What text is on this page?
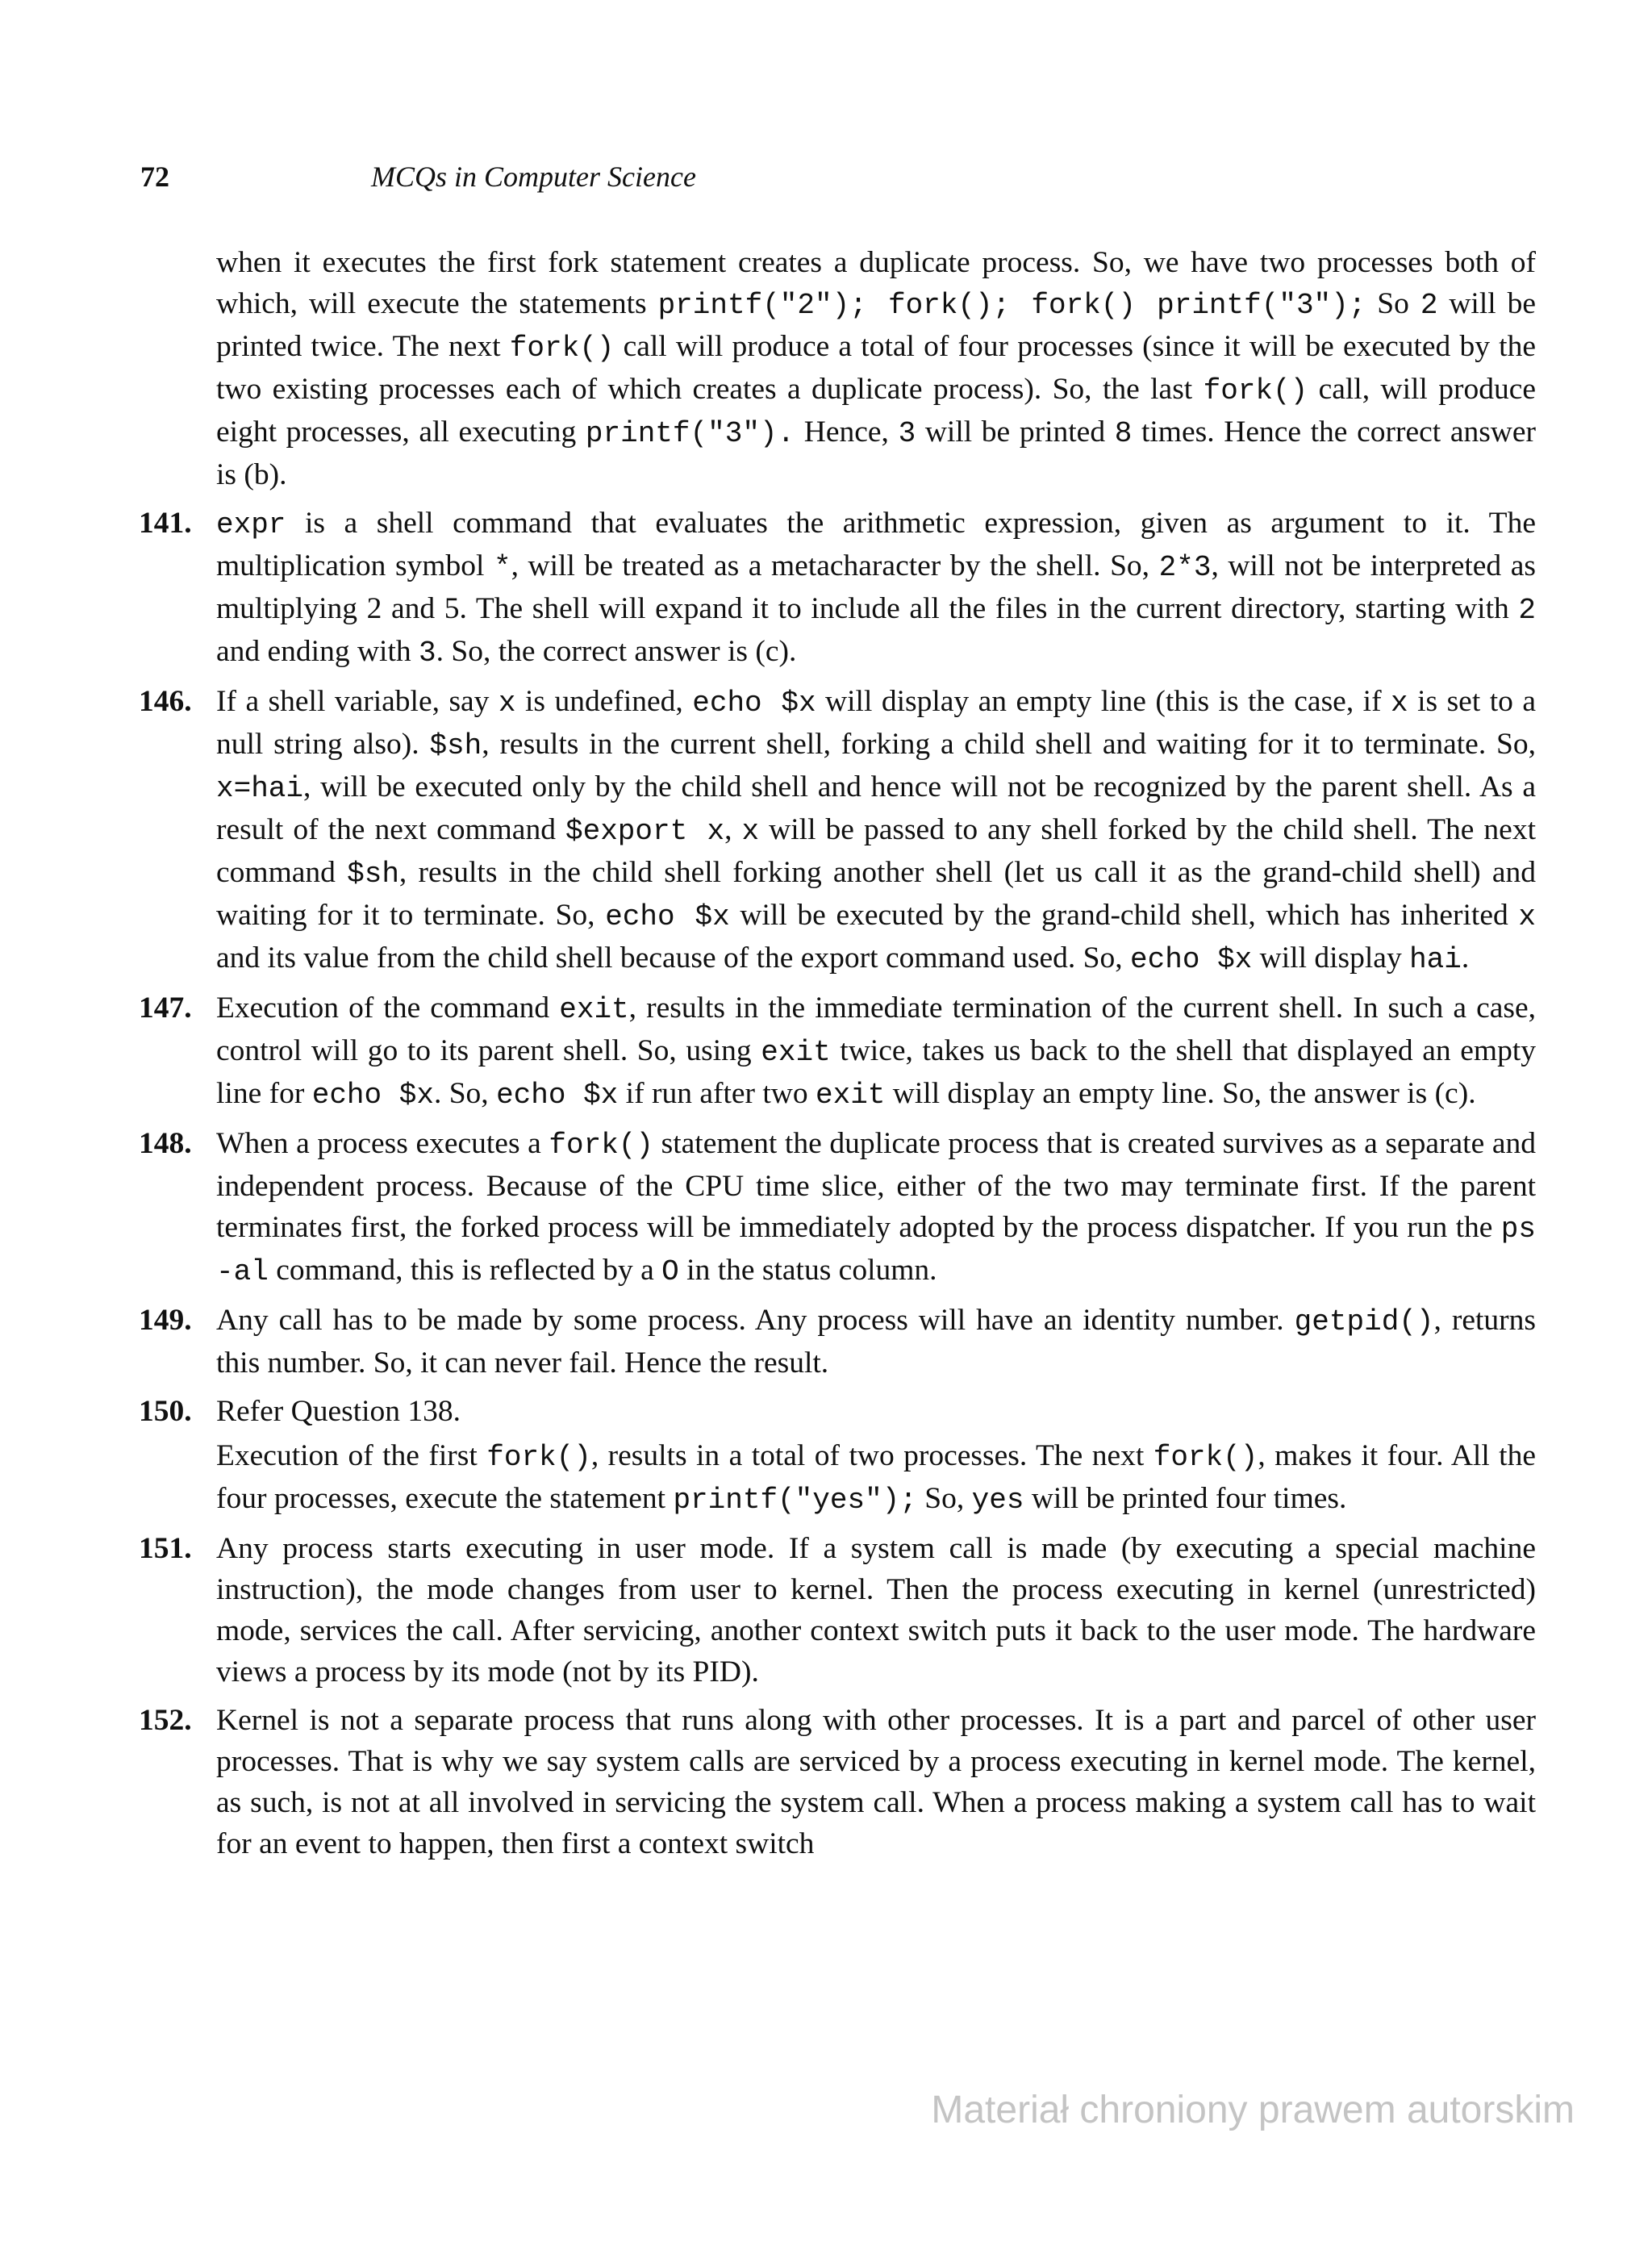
72	MCQs in Computer Science

when it executes the first fork statement creates a duplicate process. So, we have two processes both of which, will execute the statements printf("2"); fork(); fork() printf("3"); So 2 will be printed twice. The next fork() call will produce a total of four processes (since it will be executed by the two existing processes each of which creates a duplicate process). So, the last fork() call, will produce eight processes, all executing printf("3"). Hence, 3 will be printed 8 times. Hence the correct answer is (b).

141. expr is a shell command that evaluates the arithmetic expression, given as argument to it. The multiplication symbol *, will be treated as a metacharacter by the shell. So, 2*3, will not be interpreted as multiplying 2 and 5. The shell will expand it to include all the files in the current directory, starting with 2 and ending with 3. So, the correct answer is (c).

146. If a shell variable, say x is undefined, echo $x will display an empty line (this is the case, if x is set to a null string also). $sh, results in the current shell, forking a child shell and waiting for it to terminate. So, x=hai, will be executed only by the child shell and hence will not be recognized by the parent shell. As a result of the next command $export x, x will be passed to any shell forked by the child shell. The next command $sh, results in the child shell forking another shell (let us call it as the grand-child shell) and waiting for it to terminate. So, echo $x will be executed by the grand-child shell, which has inherited x and its value from the child shell because of the export command used. So, echo $x will display hai.

147. Execution of the command exit, results in the immediate termination of the current shell. In such a case, control will go to its parent shell. So, using exit twice, takes us back to the shell that displayed an empty line for echo $x. So, echo $x if run after two exit will display an empty line. So, the answer is (c).

148. When a process executes a fork() statement the duplicate process that is created survives as a separate and independent process. Because of the CPU time slice, either of the two may terminate first. If the parent terminates first, the forked process will be immediately adopted by the process dispatcher. If you run the ps -al command, this is reflected by a O in the status column.

149. Any call has to be made by some process. Any process will have an identity number. getpid(), returns this number. So, it can never fail. Hence the result.

150. Refer Question 138.

Execution of the first fork(), results in a total of two processes. The next fork(), makes it four. All the four processes, execute the statement printf("yes"); So, yes will be printed four times.

151. Any process starts executing in user mode. If a system call is made (by executing a special machine instruction), the mode changes from user to kernel. Then the process executing in kernel (unrestricted) mode, services the call. After servicing, another context switch puts it back to the user mode. The hardware views a process by its mode (not by its PID).

152. Kernel is not a separate process that runs along with other processes. It is a part and parcel of other user processes. That is why we say system calls are serviced by a process executing in kernel mode. The kernel, as such, is not at all involved in servicing the system call. When a process making a system call has to wait for an event to happen, then first a context switch

Materiał chroniony prawem autorskim
